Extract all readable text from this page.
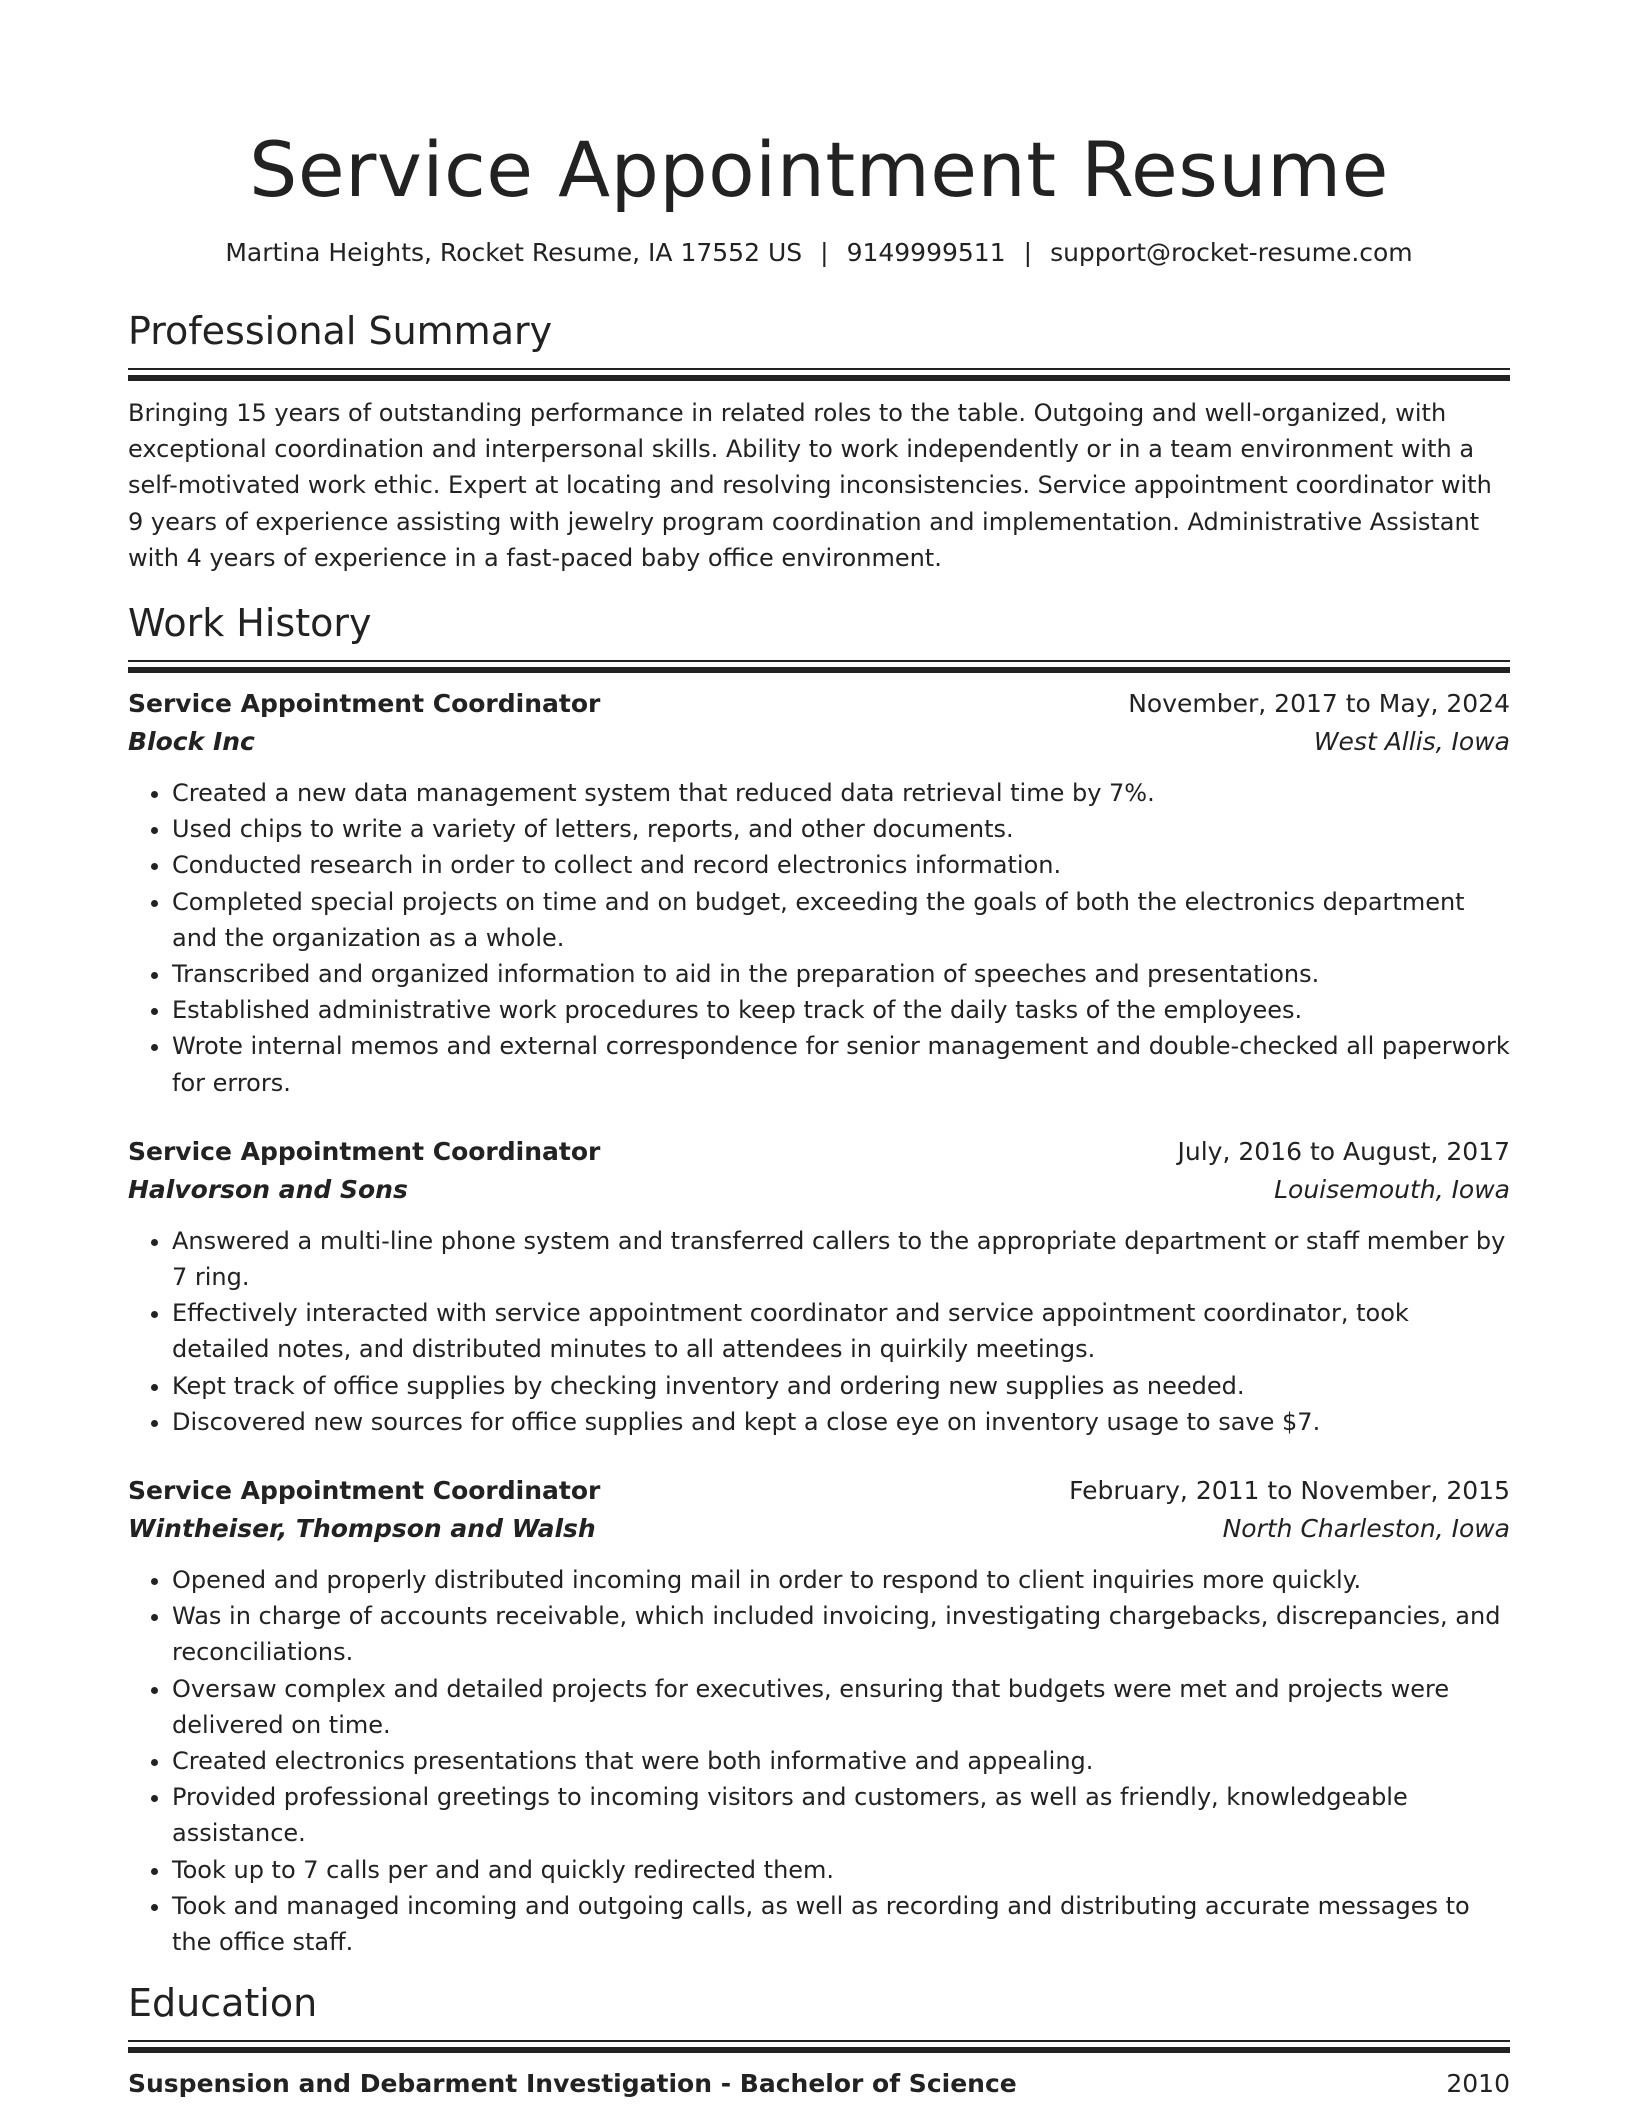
Service Appointment Resume
Martina Heights, Rocket Resume, IA 17552 US | 9149999511 | support@rocket-resume.com
Professional Summary

Bringing 15 years of outstanding performance in related roles to the table. Outgoing and well-organized, with exceptional coordination and interpersonal skills. Ability to work independently or in a team environment with a self-motivated work ethic. Expert at locating and resolving inconsistencies. Service appointment coordinator with 9 years of experience assisting with jewelry program coordination and implementation. Administrative Assistant with 4 years of experience in a fast-paced baby office environment.

Work History
Service Appointment Coordinator	November, 2017 to May, 2024
Block Inc	West Allis, Iowa
• Created a new data management system that reduced data retrieval time by 7%.
• Used chips to write a variety of letters, reports, and other documents.
• Conducted research in order to collect and record electronics information.
• Completed special projects on time and on budget, exceeding the goals of both the electronics department and the organization as a whole.
• Transcribed and organized information to aid in the preparation of speeches and presentations.
• Established administrative work procedures to keep track of the daily tasks of the employees.
• Wrote internal memos and external correspondence for senior management and double-checked all paperwork for errors.
Service Appointment Coordinator	July, 2016 to August, 2017
Halvorson and Sons	Louisemouth, Iowa
• Answered a multi-line phone system and transferred callers to the appropriate department or staff member by 7 ring.
• Effectively interacted with service appointment coordinator and service appointment coordinator, took detailed notes, and distributed minutes to all attendees in quirkily meetings.
• Kept track of office supplies by checking inventory and ordering new supplies as needed.
• Discovered new sources for office supplies and kept a close eye on inventory usage to save $7.
Service Appointment Coordinator	February, 2011 to November, 2015
Wintheiser, Thompson and Walsh	North Charleston, Iowa
• Opened and properly distributed incoming mail in order to respond to client inquiries more quickly.
• Was in charge of accounts receivable, which included invoicing, investigating chargebacks, discrepancies, and reconciliations.
• Oversaw complex and detailed projects for executives, ensuring that budgets were met and projects were delivered on time.
• Created electronics presentations that were both informative and appealing.
• Provided professional greetings to incoming visitors and customers, as well as friendly, knowledgeable assistance.
• Took up to 7 calls per and and quickly redirected them.
• Took and managed incoming and outgoing calls, as well as recording and distributing accurate messages to the office staff.
Education
Suspension and Debarment Investigation - Bachelor of Science	2010
